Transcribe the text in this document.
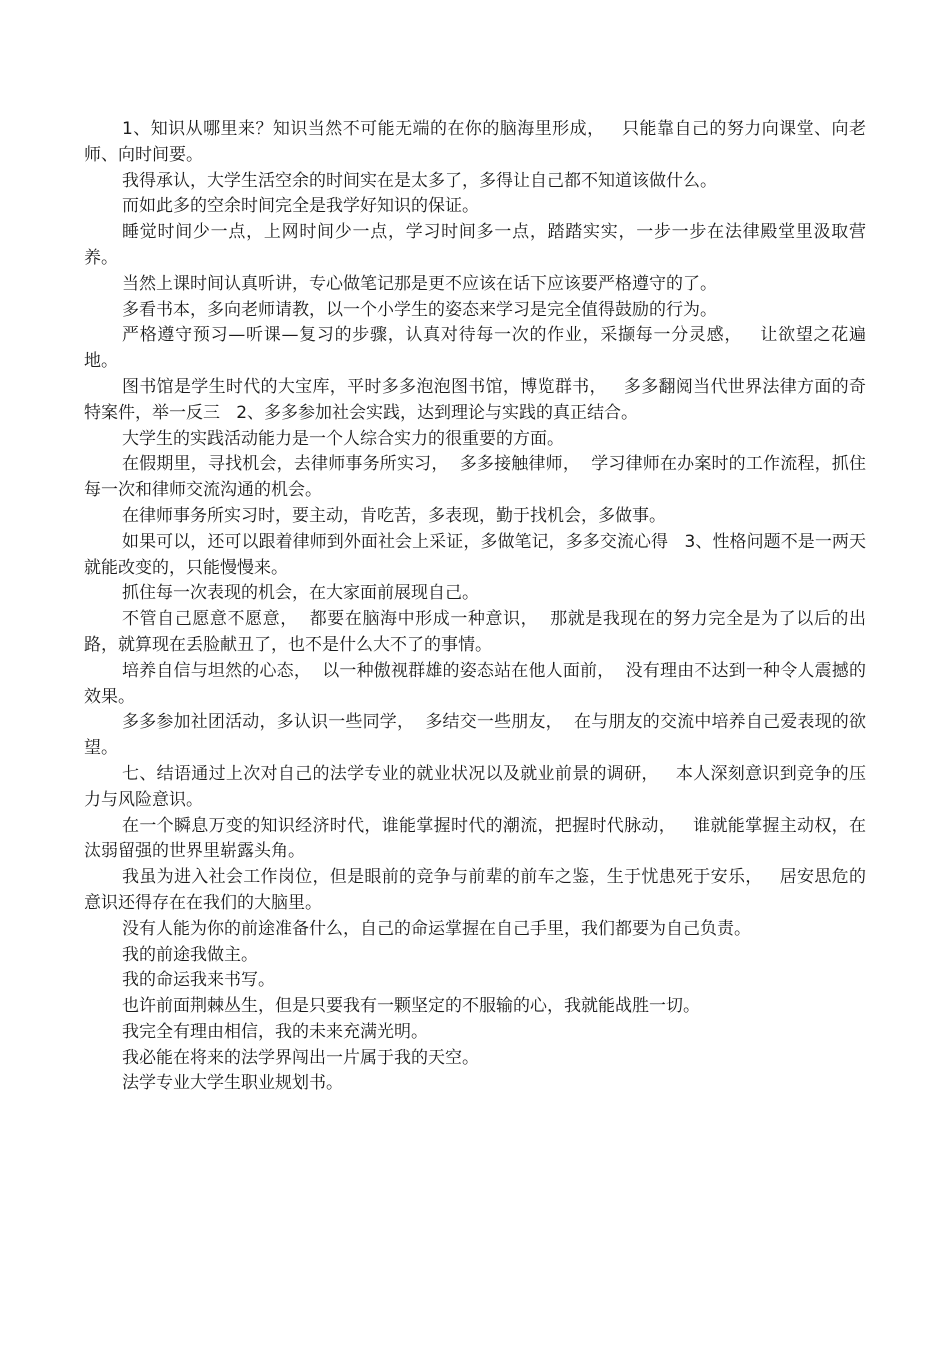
1、知识从哪里来？知识当然不可能无端的在你的脑海里形成，   只能靠自己的努力向课堂、向老师、向时间要。

我得承认，大学生活空余的时间实在是太多了，多得让自己都不知道该做什么。

而如此多的空余时间完全是我学好知识的保证。

睡觉时间少一点，上网时间少一点，学习时间多一点，踏踏实实，一步一步在法律殿堂里汲取营养。

当然上课时间认真听讲，专心做笔记那是更不应该在话下应该要严格遵守的了。

多看书本，多向老师请教，以一个小学生的姿态来学习是完全值得鼓励的行为。

严格遵守预习—听课—复习的步骤，认真对待每一次的作业，采撷每一分灵感，   让欲望之花遍地。

图书馆是学生时代的大宝库，平时多多泡泡图书馆，博览群书，   多多翻阅当代世界法律方面的奇特案件，举一反三   2、多多参加社会实践，达到理论与实践的真正结合。

大学生的实践活动能力是一个人综合实力的很重要的方面。

在假期里，寻找机会，去律师事务所实习，  多多接触律师，  学习律师在办案时的工作流程，抓住每一次和律师交流沟通的机会。

在律师事务所实习时，要主动，肯吃苦，多表现，勤于找机会，多做事。

如果可以，还可以跟着律师到外面社会上采证，多做笔记，多多交流心得   3、性格问题不是一两天就能改变的，只能慢慢来。

抓住每一次表现的机会，在大家面前展现自己。

不管自己愿意不愿意，  都要在脑海中形成一种意识，  那就是我现在的努力完全是为了以后的出路，就算现在丢脸献丑了，也不是什么大不了的事情。

培养自信与坦然的心态，  以一种傲视群雄的姿态站在他人面前，  没有理由不达到一种令人震撼的效果。

多多参加社团活动，多认识一些同学，  多结交一些朋友，  在与朋友的交流中培养自己爱表现的欲望。

七、结语通过上次对自己的法学专业的就业状况以及就业前景的调研，   本人深刻意识到竞争的压力与风险意识。

在一个瞬息万变的知识经济时代，谁能掌握时代的潮流，把握时代脉动，   谁就能掌握主动权，在汰弱留强的世界里崭露头角。

我虽为进入社会工作岗位，但是眼前的竞争与前辈的前车之鉴，生于忧患死于安乐，   居安思危的意识还得存在在我们的大脑里。

没有人能为你的前途准备什么，自己的命运掌握在自己手里，我们都要为自己负责。

我的前途我做主。

我的命运我来书写。

也许前面荆棘丛生，但是只要我有一颗坚定的不服输的心，我就能战胜一切。

我完全有理由相信，我的未来充满光明。

我必能在将来的法学界闯出一片属于我的天空。

法学专业大学生职业规划书。
